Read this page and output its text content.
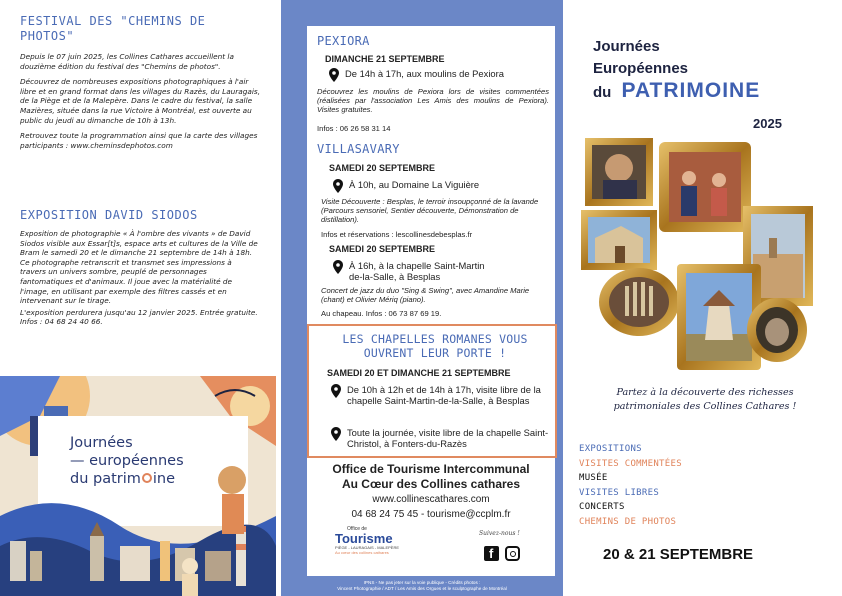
FESTIVAL DES "CHEMINS DE PHOTOS"

Depuis le 07 juin 2025, les Collines Cathares accueillent la douzième édition du festival des "Chemins de photos".

Découvrez de nombreuses expositions photographiques à l'air libre et en grand format dans les villages du Razès, du Lauragais, de la Piège et de la Malepère. Dans le cadre du festival, la salle Mazières, située dans la rue Victoire à Montréal, est ouverte au public du jeudi au dimanche de 10h à 13h.

Retrouvez toute la programmation ainsi que la carte des villages participants : www.cheminsdephotos.com

EXPOSITION DAVID SIODOS

Exposition de photographie « À l'ombre des vivants » de David Siodos visible aux Essar[t]s, espace arts et cultures de la Ville de Bram le samedi 20 et le dimanche 21 septembre de 14h à 18h. Ce photographe retranscrit et transmet ses impressions à travers un univers sombre, peuplé de personnages fantomatiques et d'animaux. Il joue avec la matérialité de l'image, en utilisant par exemple des filtres cassés et en intervenant sur le tirage.

L'exposition perdurera jusqu'au 12 janvier 2025. Entrée gratuite. Infos : 04 68 24 40 66.

Journées
— européennes
du patrim ine
PEXIORA
DIMANCHE 21 SEPTEMBRE
De 14h à 17h, aux moulins de Pexiora
Découvrez les moulins de Pexiora lors de visites commentées (réalisées par l'association Les Amis des moulins de Pexiora). Visites gratuites.
Infos : 06 26 58 31 14
VILLASAVARY
SAMEDI 20 SEPTEMBRE
À 10h, au Domaine La Viguière
Visite Découverte : Besplas, le terroir insoupçonné de la lavande (Parcours sensoriel, Sentier découverte, Démonstration de distillation).
Infos et réservations : lescollinesdebesplas.fr
SAMEDI 20 SEPTEMBRE
À 16h, à la chapelle Saint-Martin
de-la-Salle, à Besplas
Concert de jazz du duo "Sing & Swing", avec Amandine Marie (chant) et Olivier Mériq (piano).
Au chapeau. Infos : 06 73 87 69 19.
LES CHAPELLES ROMANES VOUS
OUVRENT LEUR PORTE !
SAMEDI 20 ET DIMANCHE 21 SEPTEMBRE
De 10h à 12h et de 14h à 17h, visite libre de la chapelle Saint-Martin-de-la-Salle, à Besplas
Toute la journée, visite libre de la chapelle Saint-Christol, à Fonters-du-Razès
Office de Tourisme Intercommunal
Au Cœur des Collines cathares
www.collinescathares.com
04 68 24 75 45 - tourisme@ccplm.fr
Office de
Tourisme
PIÈGE - LAURAGAIS - MALEPÈRE
Au cœur des collines cathares
Suivez-nous !
f
IPNS - Ne pas jeter sur la voie publique - Crédits photos :
Vincent Photographie / ADT / Les Amis des Orgues et le sculptographe de Montréal
Journées
Européennes
du PATRIMOINE
2025
Partez à la découverte des richesses
patrimoniales des Collines Cathares !
EXPOSITIONS
VISITES COMMENTÉES
MUSÉE
VISITES LIBRES
CONCERTS
CHEMINS DE PHOTOS
20 & 21 SEPTEMBRE
